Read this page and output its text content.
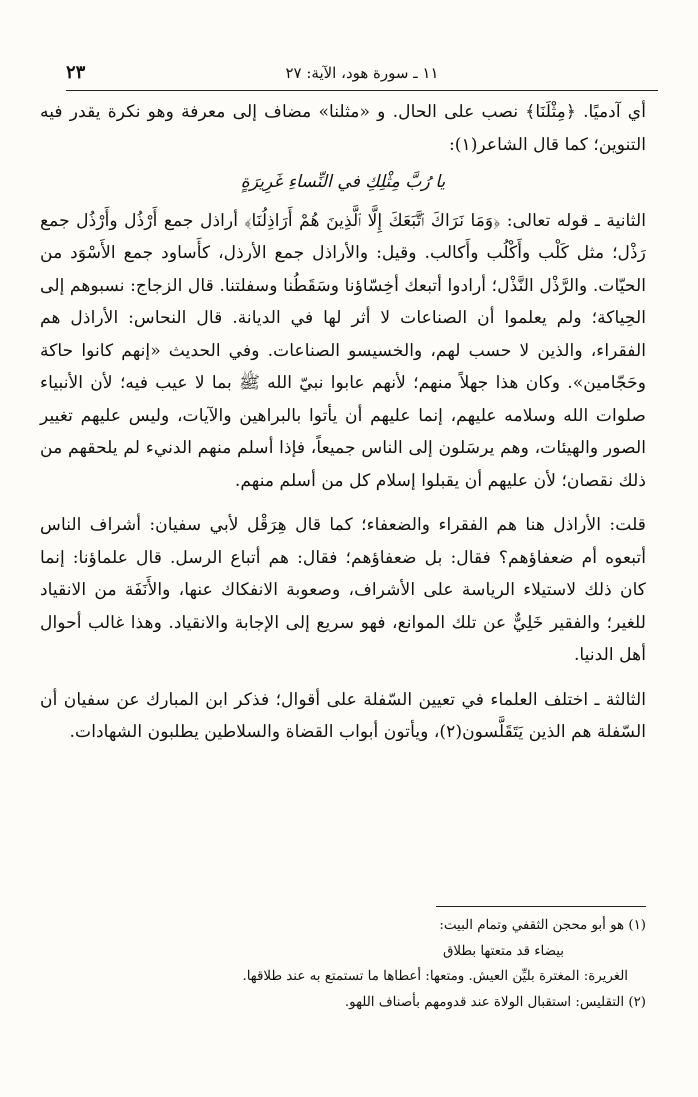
١١ ـ سورة هود، الآية: ٢٧
٢٣

أي آدميًا. ﴿مِثْلَنَا﴾ نصب على الحال. و «مثلنا» مضاف إلى معرفة وهو نكرة يقدر فيه التنوين؛ كما قال الشاعر(١):

يا رُبَّ مِثْلِكِ في النِّساءِ غَرِيرَةٍ

الثانية ـ قوله تعالى: ﴿وَمَا نَرَاكَ ٱتَّبَعَكَ إِلَّا ٱلَّذِينَ هُمْ أَرَاذِلُنَا﴾ أراذل جمع أَرْذُل وأَرْذُل جمع رَذْل؛ مثل كَلْب وأَكْلُب وأَكالب. وقيل: والأراذل جمع الأرذل، كأَساود جمع الأَسْوَد من الحيّات. والرَّذْل النَّذْل؛ أرادوا أتبعك أخِسّاؤنا وسَقَطُنا وسفلتنا. قال الزجاج: نسبوهم إلى الحِياكة؛ ولم يعلموا أن الصناعات لا أثر لها في الديانة. قال النحاس: الأراذل هم الفقراء، والذين لا حسب لهم، والخسيسو الصناعات. وفي الحديث «إنهم كانوا حاكة وحَجّامين». وكان هذا جهلاً منهم؛ لأنهم عابوا نبيّ الله ﷺ بما لا عيب فيه؛ لأن الأنبياء صلوات الله وسلامه عليهم، إنما عليهم أن يأتوا بالبراهين والآيات، وليس عليهم تغيير الصور والهيئات، وهم يرسَلون إلى الناس جميعاً، فإذا أسلم منهم الدنيء لم يلحقهم من ذلك نقصان؛ لأن عليهم أن يقبلوا إسلام كل من أسلم منهم.

قلت: الأراذل هنا هم الفقراء والضعفاء؛ كما قال هِرَقْل لأبي سفيان: أشراف الناس أتبعوه أم ضعفاؤهم؟ فقال: بل ضعفاؤهم؛ فقال: هم أتباع الرسل. قال علماؤنا: إنما كان ذلك لاستيلاء الرياسة على الأشراف، وصعوبة الانفكاك عنها، والأَنَفَة من الانقياد للغير؛ والفقير خَلِيٌّ عن تلك الموانع، فهو سريع إلى الإجابة والانقياد. وهذا غالب أحوال أهل الدنيا.

الثالثة ـ اختلف العلماء في تعيين السّفلة على أقوال؛ فذكر ابن المبارك عن سفيان أن السّفلة هم الذين يَتَقَلَّسون(٢)، ويأتون أبواب القضاة والسلاطين يطلبون الشهادات.

(١) هو أبو محجن الثقفي وتمام البيت:
بيضاء قد متعتها بطلاق
الغريرة: المغترة بليِّن العيش. ومتعها: أعطاها ما تستمتع به عند طلاقها.
(٢) التقليس: استقبال الولاة عند قدومهم بأصناف اللهو.
